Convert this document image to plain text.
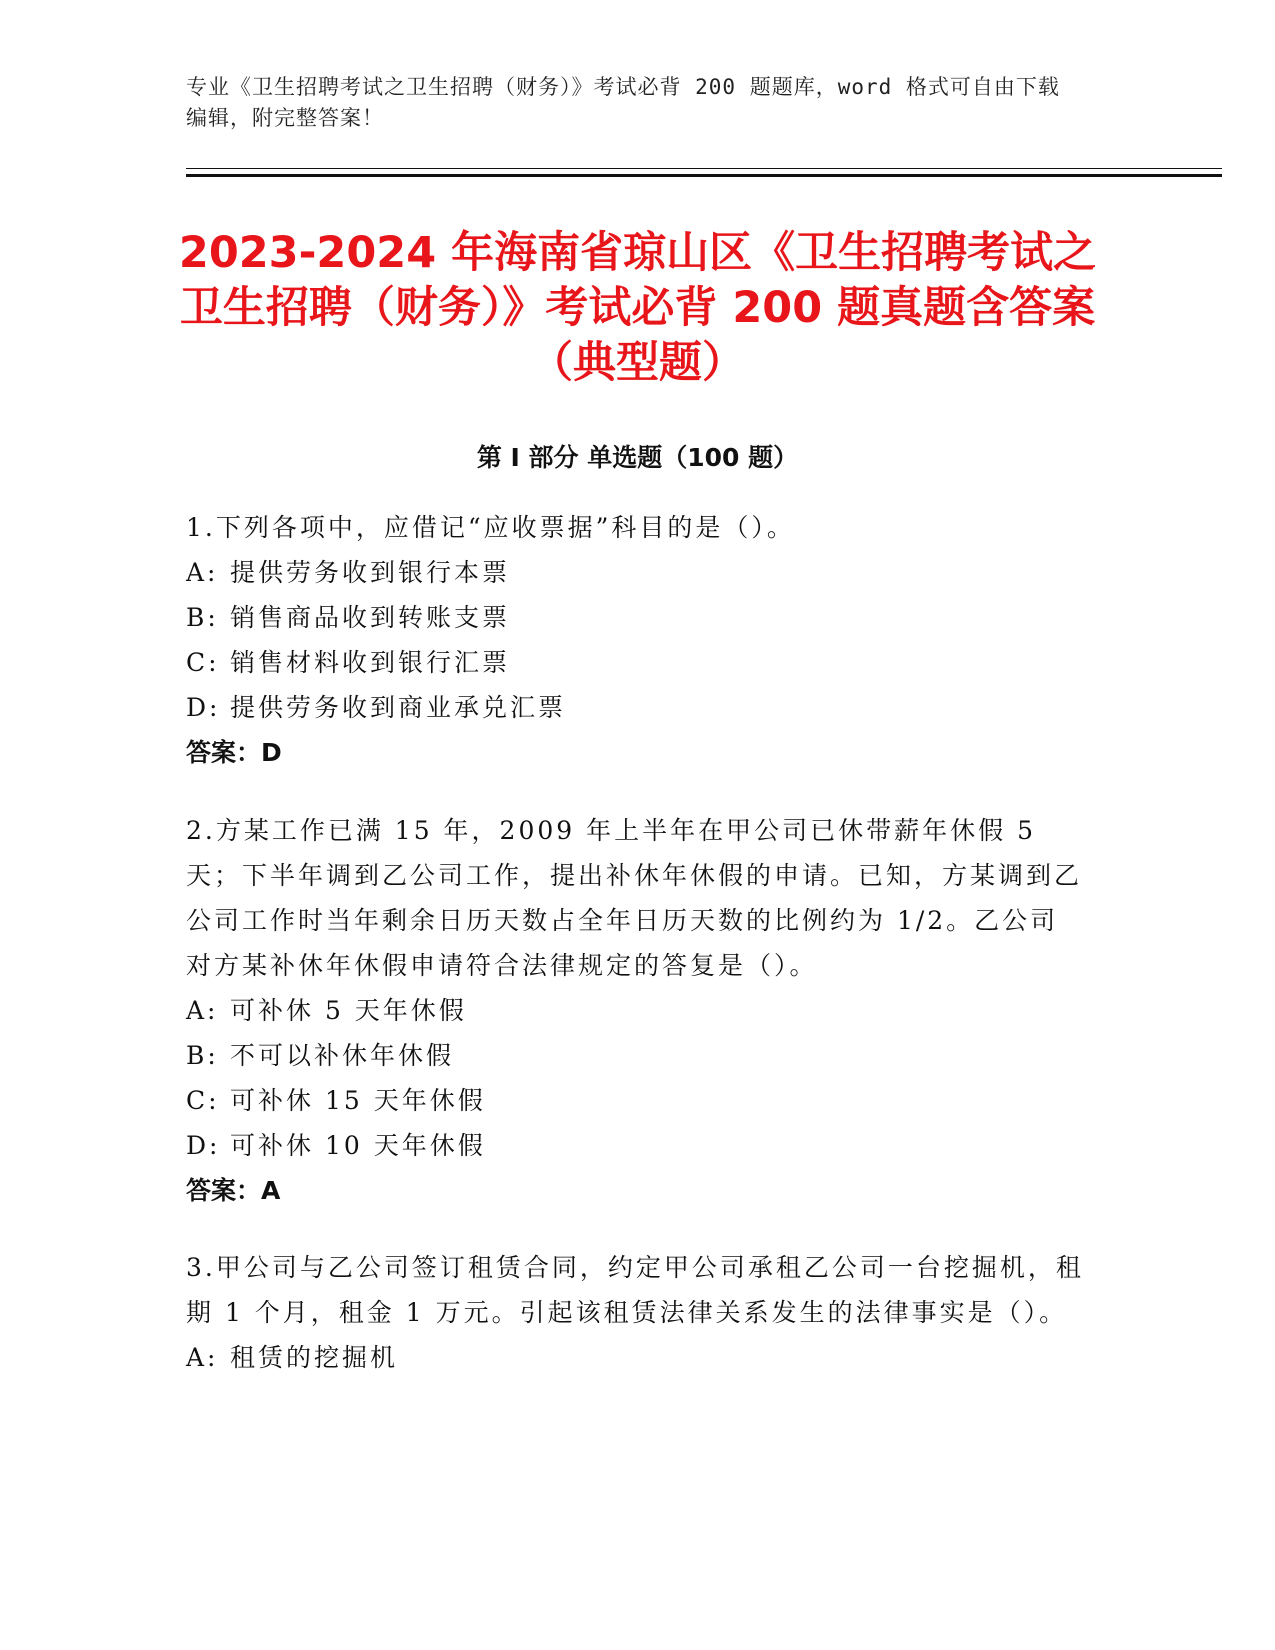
专业《卫生招聘考试之卫生招聘（财务）》考试必背 200 题题库，word 格式可自由下载编辑，附完整答案！
2023-2024 年海南省琼山区《卫生招聘考试之卫生招聘（财务）》考试必背 200 题真题含答案（典型题）
第 I 部分 单选题（100 题）

1.下列各项中，应借记“应收票据”科目的是（）。

A: 提供劳务收到银行本票

B: 销售商品收到转账支票

C: 销售材料收到银行汇票

D: 提供劳务收到商业承兑汇票

答案：D

2.方某工作已满 15 年，2009 年上半年在甲公司已休带薪年休假 5 天；下半年调到乙公司工作，提出补休年休假的申请。已知，方某调到乙公司工作时当年剩余日历天数占全年日历天数的比例约为 1/2。乙公司对方某补休年休假申请符合法律规定的答复是（）。

A: 可补休 5 天年休假

B: 不可以补休年休假

C: 可补休 15 天年休假

D: 可补休 10 天年休假

答案：A

3.甲公司与乙公司签订租赁合同，约定甲公司承租乙公司一台挖掘机，租期 1 个月，租金 1 万元。引起该租赁法律关系发生的法律事实是（）。

A: 租赁的挖掘机
